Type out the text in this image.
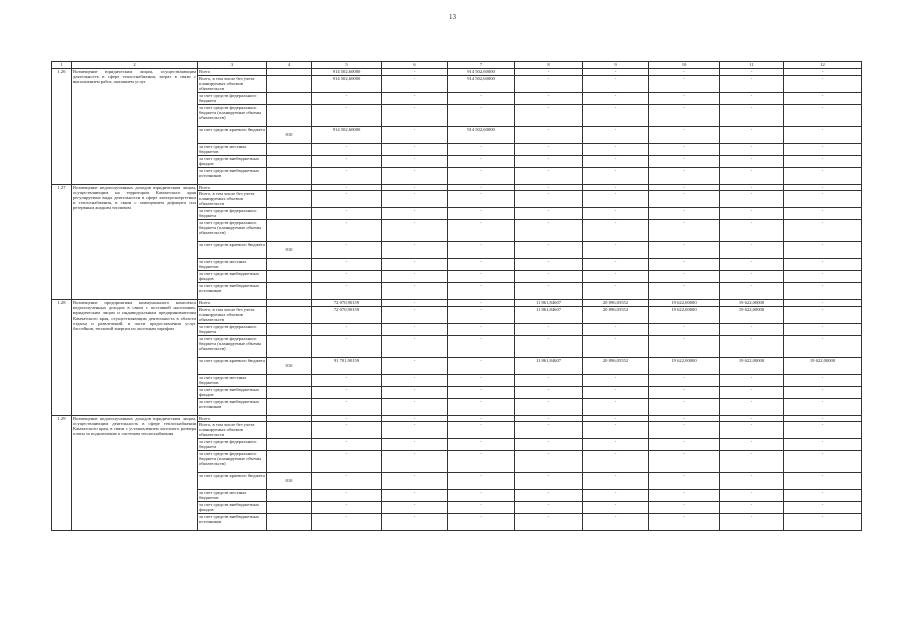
13
1	2	3	4	5	6	7	8	9	10	11	12
1.26	Возмещение юридическим лицам, осуществляющим деятельность в сфере теплоснабжения, затрат в связи с выполнением работ, оказанием услуг	Всего		914 502,60000	-	914 502,60000	-	-	-	-	-
		Всего, в том числе без учета планируемых объемов обязательств		914 502,60000	-	914 502,60000	-	-	-	-	-
		за счет средств федерального бюджета		-	-	-	-	-	-	-	-
		за счет средств федерального бюджета (планируемые объемы обязательств)		-	-	-	-	-	-	-	-
		за счет средств краевого бюджета	810	914 502,60000	-	914 502,60000	-	-	-	-	-
		за счет средств местных бюджетов		-	-	-	-	-	-	-	-
		за счет средств внебюджетных фондов		-	-	-	-	-	-	-	-
		за счет средств внебюджетных источников		-	-	-	-	-	-	-	-
1.27	Возмещение недополученных доходов юридическим лицам, осуществляющим на территории Камчатского края регулируемые виды деятельности в сфере электроэнергетики и теплоснабжения, в связи с замещением дефицита сил резервным жидким топливом	Всего		-	-	-	-	-	-	-	-
		Всего, в том числе без учета планируемых объемов обязательств		-	-	-	-	-	-	-	-
		за счет средств федерального бюджета		-	-	-	-	-	-	-	-
		за счет средств федерального бюджета (планируемые объемы обязательств)		-	-	-	-	-	-	-	-
		за счет средств краевого бюджета	810	-	-	-	-	-	-	-	-
		за счет средств местных бюджетов		-	-	-	-	-	-	-	-
		за счет средств внебюджетных фондов		-	-	-	-	-	-	-	-
		за счет средств внебюджетных источников		-	-	-	-	-	-	-	-
1.28	Возмещение предприятиям коммунального комплекса недополученных доходов в связи с поставкой населению, юридическим лицам и индивидуальным предпринимателям Камчатского края, осуществляющим деятельность в области отдыха и развлечений, в части предоставления услуг бассейнов, тепловой энергии по льготным тарифам	Всего		72 070,90159	-	-	11 861,84607	20 896,05552	19 622,00000	19 622,00000	-
		Всего, в том числе без учета планируемых объемов обязательств		72 070,90159	-	-	11 861,84607	20 896,05552	19 622,00000	19 622,00000	-
		за счет средств федерального бюджета		-	-	-	-	-	-	-	-
		за счет средств федерального бюджета (планируемые объемы обязательств)		-	-	-	-	-	-	-	-
		за счет средств краевого бюджета	810	91 701,90159	-	-	11 861,84607	20 896,05552	19 622,00000	19 622,00000	19 622,00000
		за счет средств местных бюджетов		-	-	-	-	-	-	-	-
		за счет средств внебюджетных фондов		-	-	-	-	-	-	-	-
		за счет средств внебюджетных источников		-	-	-	-	-	-	-	-
1.29	Возмещение недополученных доходов юридическим лицам, осуществляющим деятельность в сфере теплоснабжения Камчатского края, в связи с установлением льготного размера платы за подключение к системам теплоснабжения	Всего		-	-	-	-	-	-	-	-
		Всего, в том числе без учета планируемых объемов обязательств		-	-	-	-	-	-	-	-
		за счет средств федерального бюджета		-	-	-	-	-	-	-	-
		за счет средств федерального бюджета (планируемые объемы обязательств)		-	-	-	-	-	-	-	-
		за счет средств краевого бюджета	810	-	-	-	-	-	-	-	-
		за счет средств местных бюджетов		-	-	-	-	-	-	-	-
		за счет средств внебюджетных фондов		-	-	-	-	-	-	-	-
		за счет средств внебюджетных источников		-	-	-	-	-	-	-	-
